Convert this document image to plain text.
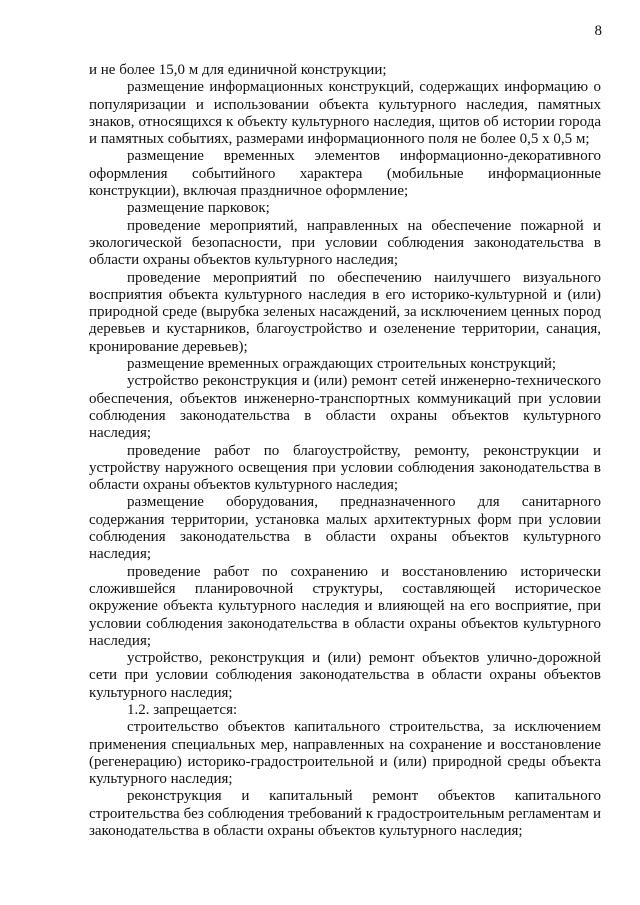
8

и не более 15,0 м для единичной конструкции;

размещение информационных конструкций, содержащих информацию о популяризации и использовании объекта культурного наследия, памятных знаков, относящихся к объекту культурного наследия, щитов об истории города и памятных событиях, размерами информационного поля не более 0,5 х 0,5 м;

размещение временных элементов информационно-декоративного оформления событийного характера (мобильные информационные конструкции), включая праздничное оформление;

размещение парковок;

проведение мероприятий, направленных на обеспечение пожарной и экологической безопасности, при условии соблюдения законодательства в области охраны объектов культурного наследия;

проведение мероприятий по обеспечению наилучшего визуального восприятия объекта культурного наследия в его историко-культурной и (или) природной среде (вырубка зеленых насаждений, за исключением ценных пород деревьев и кустарников, благоустройство и озеленение территории, санация, кронирование деревьев);

размещение временных ограждающих строительных конструкций;

устройство реконструкция и (или) ремонт сетей инженерно-технического обеспечения, объектов инженерно-транспортных коммуникаций при условии соблюдения законодательства в области охраны объектов культурного наследия;

проведение работ по благоустройству, ремонту, реконструкции и устройству наружного освещения при условии соблюдения законодательства в области охраны объектов культурного наследия;

размещение оборудования, предназначенного для санитарного содержания территории, установка малых архитектурных форм при условии соблюдения законодательства в области охраны объектов культурного наследия;

проведение работ по сохранению и восстановлению исторически сложившейся планировочной структуры, составляющей историческое окружение объекта культурного наследия и влияющей на его восприятие, при условии соблюдения законодательства в области охраны объектов культурного наследия;

устройство, реконструкция и (или) ремонт объектов улично-дорожной сети при условии соблюдения законодательства в области охраны объектов культурного наследия;

1.2. запрещается:

строительство объектов капитального строительства, за исключением применения специальных мер, направленных на сохранение и восстановление (регенерацию) историко-градостроительной и (или) природной среды объекта культурного наследия;

реконструкция и капитальный ремонт объектов капитального строительства без соблюдения требований к градостроительным регламентам и законодательства в области охраны объектов культурного наследия;
